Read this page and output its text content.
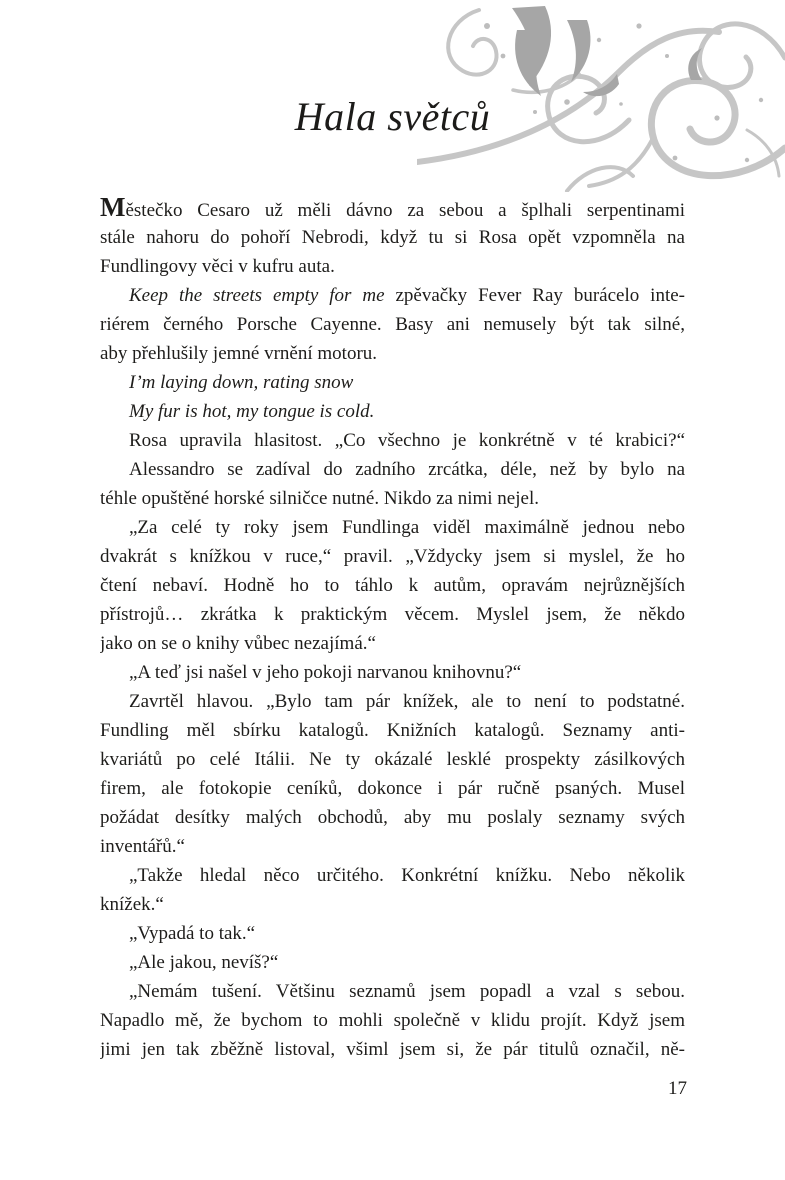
Hala světců
Městečko Cesaro už měli dávno za sebou a šplhali serpentinami
stále nahoru do pohoří Nebrodi, když tu si Rosa opět vzpomněla na
Fundlingovy věci v kufru auta.
Keep the streets empty for me zpěvačky Fever Ray burácelo inte-
riérem černého Porsche Cayenne. Basy ani nemusely být tak silné,
aby přehlušily jemné vrnění motoru.
I’m laying down, rating snow
My fur is hot, my tongue is cold.
Rosa upravila hlasitost. „Co všechno je konkrétně v té krabici?“
Alessandro se zadíval do zadního zrcátka, déle, než by bylo na
téhle opuštěné horské silničce nutné. Nikdo za nimi nejel.
„Za celé ty roky jsem Fundlinga viděl maximálně jednou nebo
dvakrát s knížkou v ruce,“ pravil. „Vždycky jsem si myslel, že ho
čtení nebaví. Hodně ho to táhlo k autům, opravám nejrůznějších
přístrojů… zkrátka k praktickým věcem. Myslel jsem, že někdo
jako on se o knihy vůbec nezajímá.“
„A teď jsi našel v jeho pokoji narvanou knihovnu?“
Zavrtěl hlavou. „Bylo tam pár knížek, ale to není to podstatné.
Fundling měl sbírku katalogů. Knižních katalogů. Seznamy anti-
kvariátů po celé Itálii. Ne ty okázalé lesklé prospekty zásilkových
firem, ale fotokopie ceníků, dokonce i pár ručně psaných. Musel
požádat desítky malých obchodů, aby mu poslaly seznamy svých
inventářů.“
„Takže hledal něco určitého. Konkrétní knížku. Nebo několik
knížek.“
„Vypadá to tak.“
„Ale jakou, nevíš?“
„Nemám tušení. Většinu seznamů jsem popadl a vzal s sebou.
Napadlo mě, že bychom to mohli společně v klidu projít. Když jsem
jimi jen tak zběžně listoval, všiml jsem si, že pár titulů označil, ně-
17
